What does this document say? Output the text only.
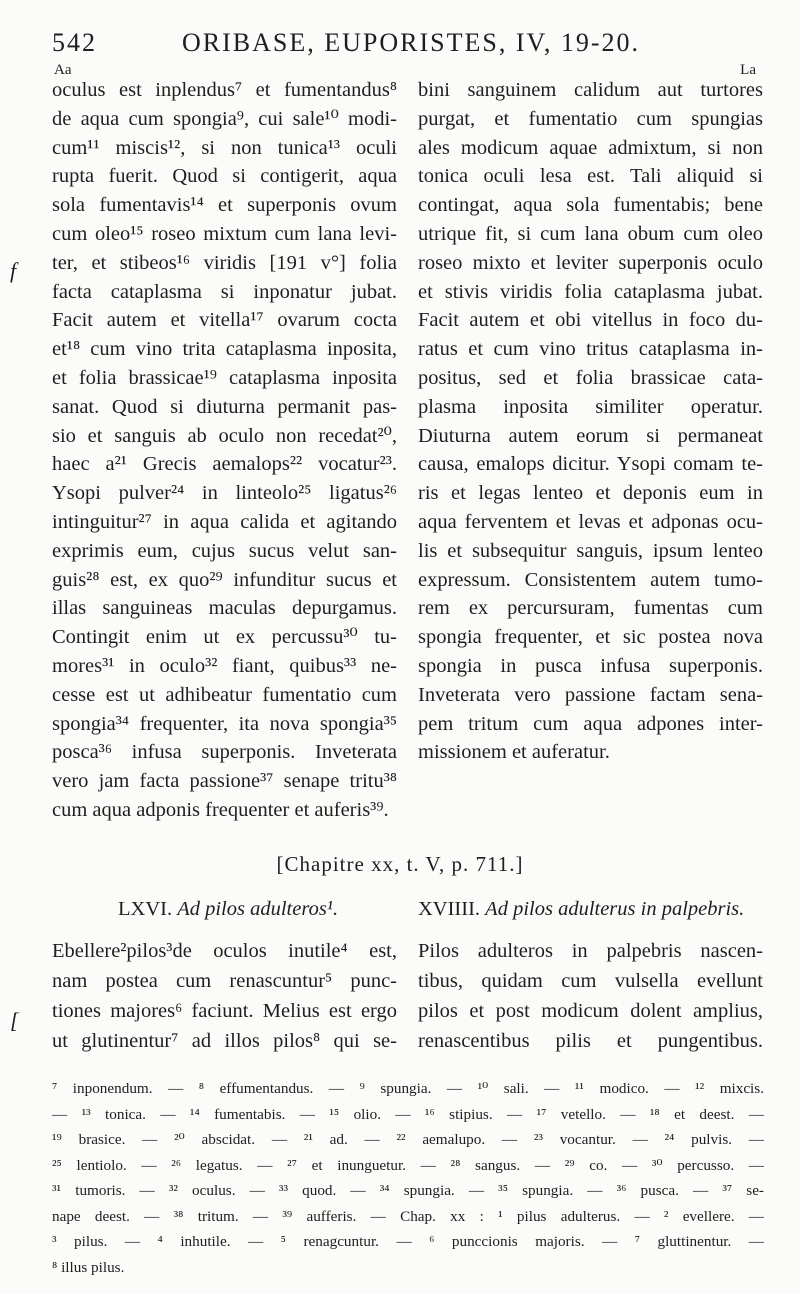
542	ORIBASE, EUPORISTES, IV, 19-20.
Aa	La
f
[
oculus est inplendus⁷ et fumentandus⁸
de aqua cum spongia⁹, cui sale¹⁰ modi-
cum¹¹ miscis¹², si non tunica¹³ oculi
rupta fuerit. Quod si contigerit, aqua
sola fumentavis¹⁴ et superponis ovum
cum oleo¹⁵ roseo mixtum cum lana levi-
ter, et stibeos¹⁶ viridis [191 v°] folia
facta cataplasma si inponatur jubat.
Facit autem et vitella¹⁷ ovarum cocta
et¹⁸ cum vino trita cataplasma inposita,
et folia brassicae¹⁹ cataplasma inposita
sanat. Quod si diuturna permanit pas-
sio et sanguis ab oculo non recedat²⁰,
haec a²¹ Grecis aemalops²² vocatur²³.
Ysopi pulver²⁴ in linteolo²⁵ ligatus²⁶
intinguitur²⁷ in aqua calida et agitando
exprimis eum, cujus sucus velut san-
guis²⁸ est, ex quo²⁹ infunditur sucus et
illas sanguineas maculas depurgamus.
Contingit enim ut ex percussu³⁰ tu-
mores³¹ in oculo³² fiant, quibus³³ ne-
cesse est ut adhibeatur fumentatio cum
spongia³⁴ frequenter, ita nova spongia³⁵
posca³⁶ infusa superponis. Inveterata
vero jam facta passione³⁷ senape tritu³⁸
cum aqua adponis frequenter et auferis³⁹.
bini sanguinem calidum aut turtores
purgat, et fumentatio cum spungias
ales modicum aquae admixtum, si non
tonica oculi lesa est. Tali aliquid si
contingat, aqua sola fumentabis; bene
utrique fit, si cum lana obum cum oleo
roseo mixto et leviter superponis oculo
et stivis viridis folia cataplasma jubat.
Facit autem et obi vitellus in foco du-
ratus et cum vino tritus cataplasma in-
positus, sed et folia brassicae cata-
plasma inposita similiter operatur.
Diuturna autem eorum si permaneat
causa, emalops dicitur. Ysopi comam te-
ris et legas lenteo et deponis eum in
aqua ferventem et levas et adponas ocu-
lis et subsequitur sanguis, ipsum lenteo
expressum. Consistentem autem tumo-
rem ex percursuram, fumentas cum
spongia frequenter, et sic postea nova
spongia in pusca infusa superponis.
Inveterata vero passione factam sena-
pem tritum cum aqua adpones inter-
missionem et auferatur.
[Chapitre xx, t. V, p. 711.]
LXVI. Ad pilos adulteros¹.	XVIIII. Ad pilos adulterus in palpebris.
Ebellere²pilos³de oculos inutile⁴ est,
nam postea cum renascuntur⁵ punc-
tiones majores⁶ faciunt. Melius est ergo
ut glutinentur⁷ ad illos pilos⁸ qui se-
Pilos adulteros in palpebris nascen-
tibus, quidam cum vulsella evellunt
pilos et post modicum dolent amplius,
renascentibus pilis et pungentibus.
⁷ inponendum. — ⁸ effumentandus. — ⁹ spungia. — ¹⁰ sali. — ¹¹ modico. — ¹² mixcis.
— ¹³ tonica. — ¹⁴ fumentabis. — ¹⁵ olio. — ¹⁶ stipius. — ¹⁷ vetello. — ¹⁸ et deest. —
¹⁹ brasice. — ²⁰ abscidat. — ²¹ ad. — ²² aemalupo. — ²³ vocantur. — ²⁴ pulvis. —
²⁵ lentiolo. — ²⁶ legatus. — ²⁷ et inunguetur. — ²⁸ sangus. — ²⁹ co. — ³⁰ percusso. —
³¹ tumoris. — ³² oculus. — ³³ quod. — ³⁴ spungia. — ³⁵ spungia. — ³⁶ pusca. — ³⁷ se-
nape deest. — ³⁸ tritum. — ³⁹ aufferis. — Chap. xx : ¹ pilus adulterus. — ² evellere. —
³ pilus. — ⁴ inhutile. — ⁵ renagcuntur. — ⁶ punccionis majoris. — ⁷ gluttinentur. —
⁸ illus pilus.
